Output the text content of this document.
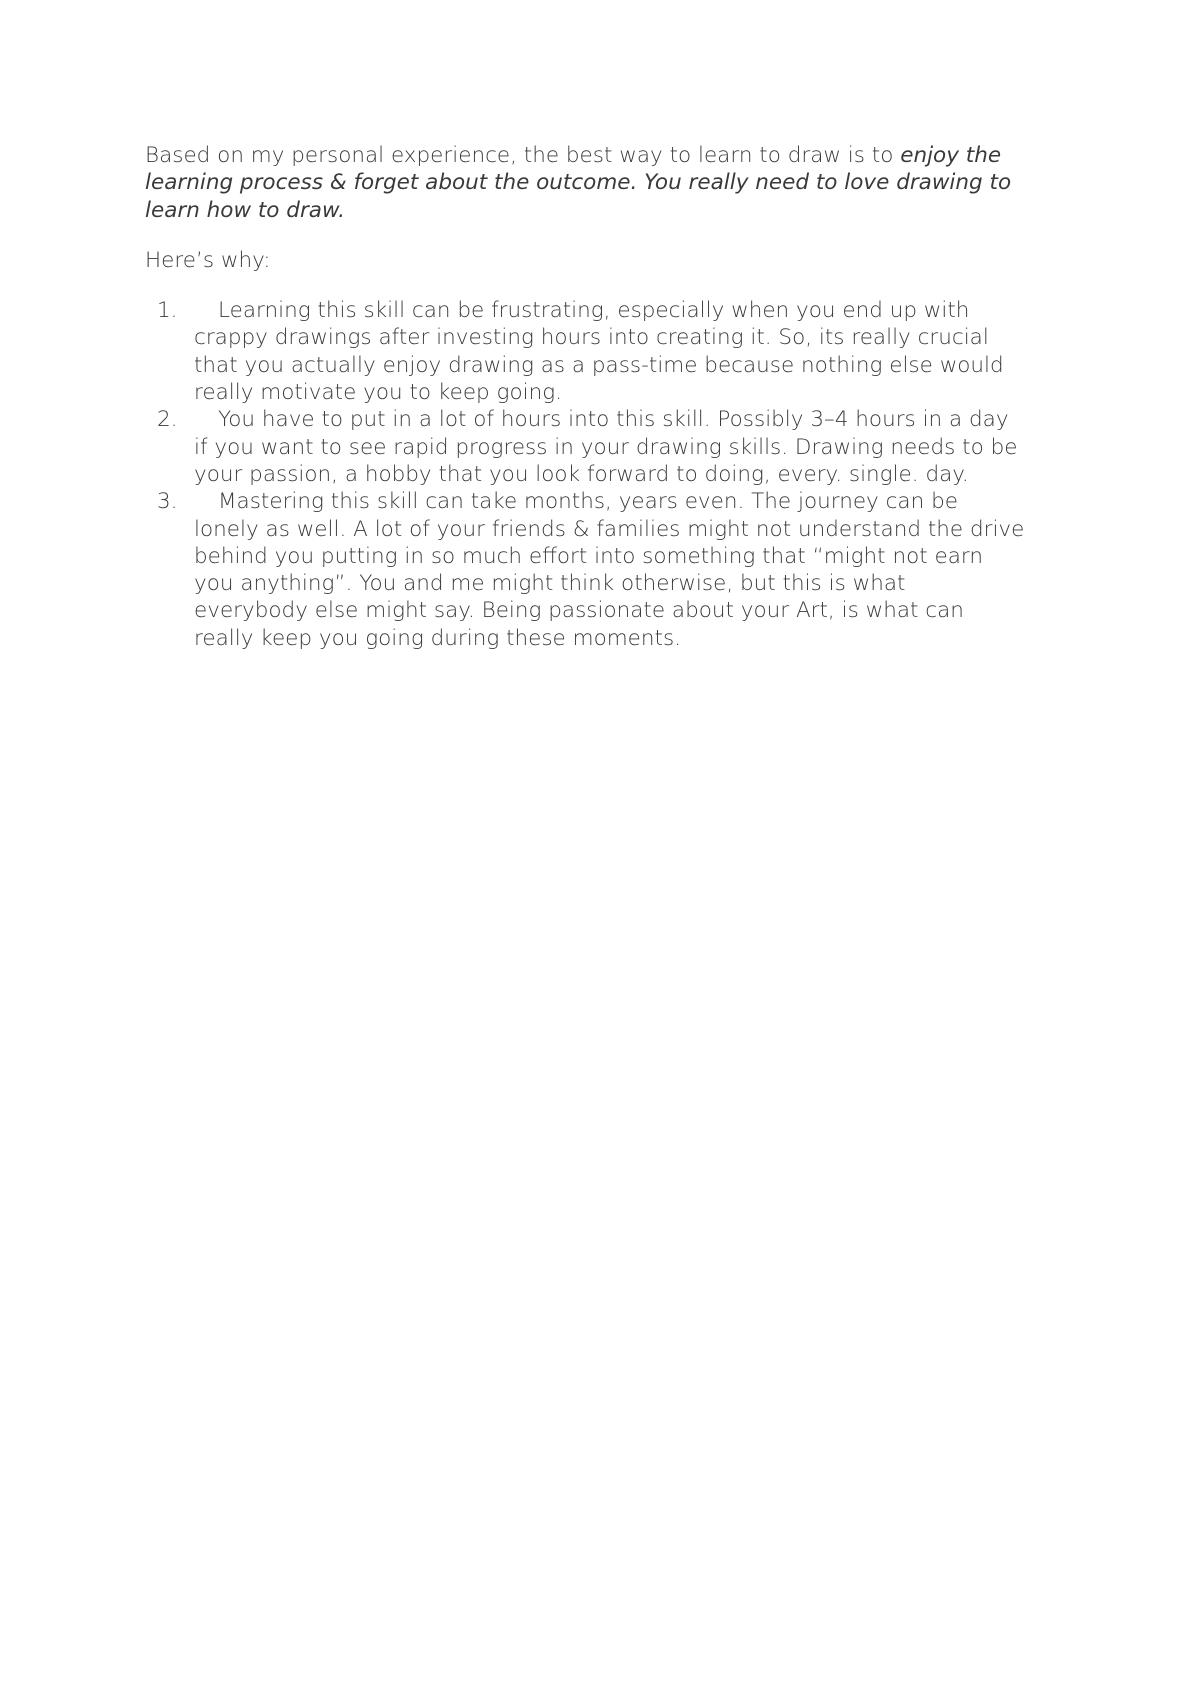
Based on my personal experience, the best way to learn to draw is to enjoy the learning process & forget about the outcome. You really need to love drawing to learn how to draw.

Here’s why:

1.	Learning this skill can be frustrating, especially when you end up with crappy drawings after investing hours into creating it. So, its really crucial that you actually enjoy drawing as a pass-time because nothing else would really motivate you to keep going.
2.	You have to put in a lot of hours into this skill. Possibly 3–4 hours in a day if you want to see rapid progress in your drawing skills. Drawing needs to be your passion, a hobby that you look forward to doing, every. single. day.
3.	Mastering this skill can take months, years even. The journey can be lonely as well. A lot of your friends & families might not understand the drive behind you putting in so much effort into something that “might not earn you anything”. You and me might think otherwise, but this is what everybody else might say. Being passionate about your Art, is what can really keep you going during these moments.
